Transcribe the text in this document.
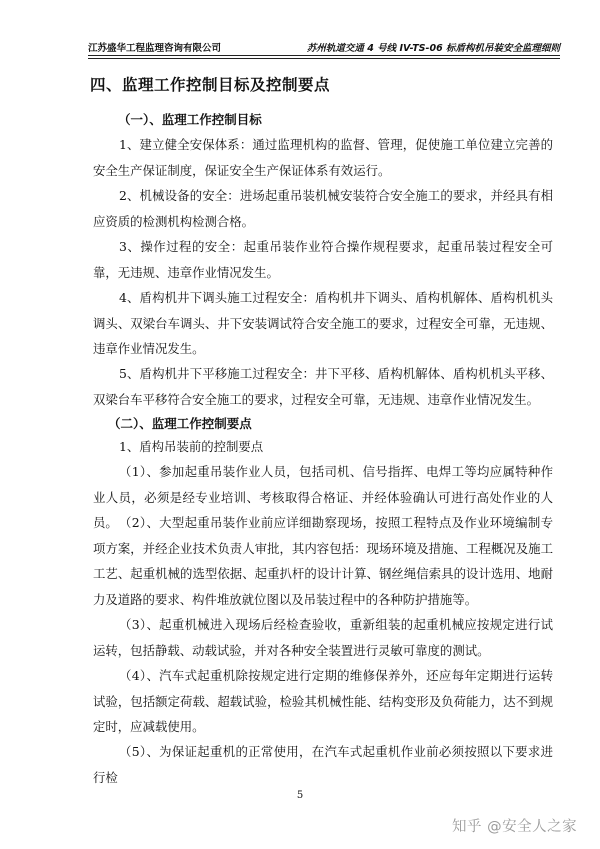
江苏盛华工程监理咨询有限公司	苏州轨道交通 4 号线 IV-TS-06 标盾构机吊装安全监理细则
四、监理工作控制目标及控制要点
（一）、监理工作控制目标

1、建立健全安保体系：通过监理机构的监督、管理，促使施工单位建立完善的安全生产保证制度，保证安全生产保证体系有效运行。

2、机械设备的安全：进场起重吊装机械安装符合安全施工的要求，并经具有相应资质的检测机构检测合格。

3、操作过程的安全：起重吊装作业符合操作规程要求，起重吊装过程安全可靠，无违规、违章作业情况发生。

4、盾构机井下调头施工过程安全：盾构机井下调头、盾构机解体、盾构机机头调头、双梁台车调头、井下安装调试符合安全施工的要求，过程安全可靠，无违规、违章作业情况发生。

5、盾构机井下平移施工过程安全：井下平移、盾构机解体、盾构机机头平移、双梁台车平移符合安全施工的要求，过程安全可靠，无违规、违章作业情况发生。

（二）、监理工作控制要点

1、盾构吊装前的控制要点

（1）、参加起重吊装作业人员，包括司机、信号指挥、电焊工等均应属特种作业人员，必须是经专业培训、考核取得合格证、并经体验确认可进行高处作业的人员。 （2）、大型起重吊装作业前应详细勘察现场，按照工程特点及作业环境编制专项方案，并经企业技术负责人审批，其内容包括：现场环境及措施、工程概况及施工工艺、起重机械的选型依据、起重扒杆的设计计算、钢丝绳信索具的设计选用、地耐力及道路的要求、构件堆放就位图以及吊装过程中的各种防护措施等。

（3）、起重机械进入现场后经检查验收，重新组装的起重机械应按规定进行试运转，包括静载、动载试验，并对各种安全装置进行灵敏可靠度的测试。

（4）、汽车式起重机除按规定进行定期的维修保养外，还应每年定期进行运转试验，包括额定荷载、超载试验，检验其机械性能、结构变形及负荷能力，达不到规定时，应减载使用。

（5）、为保证起重机的正常使用，在汽车式起重机作业前必须按照以下要求进行检

5
知乎 @安全人之家
